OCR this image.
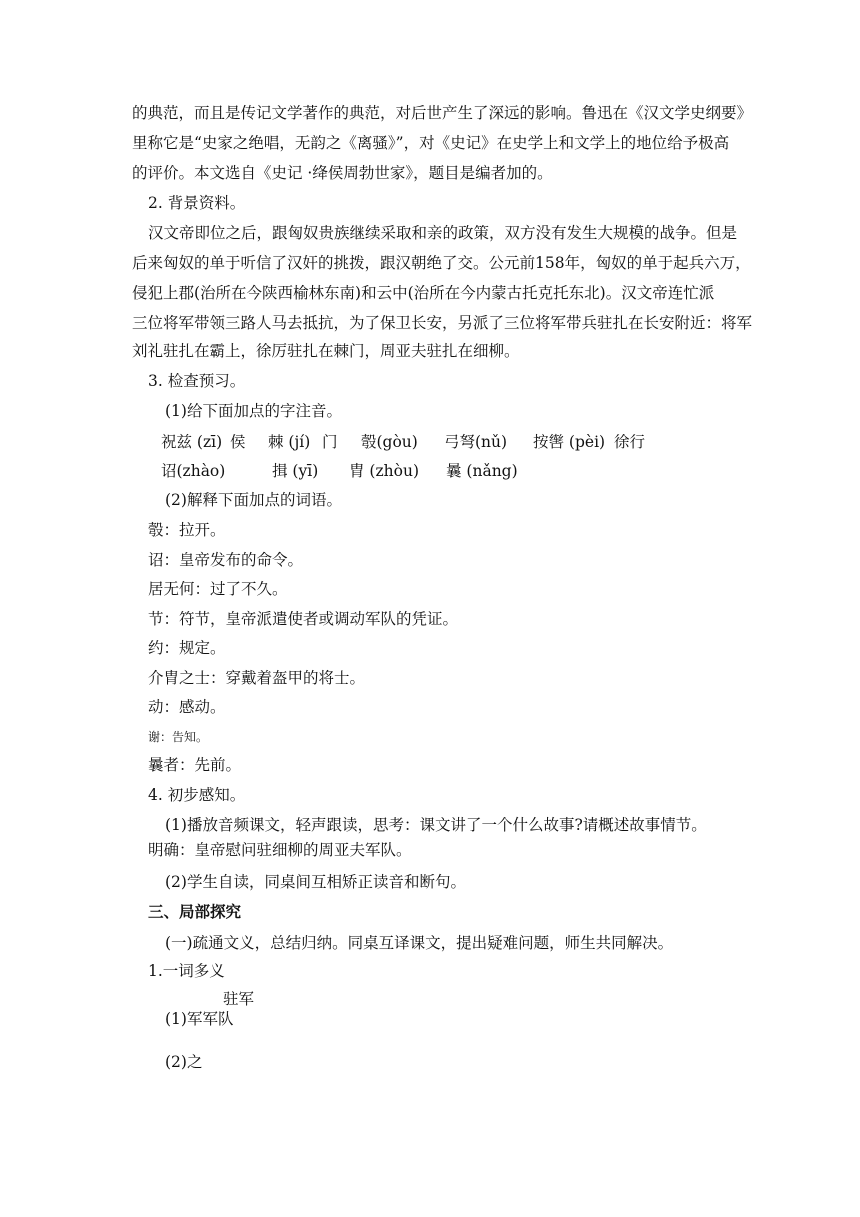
的典范，而且是传记文学著作的典范，对后世产生了深远的影响。鲁迅在《汉文学史纲要》
里称它是“史家之绝唱，无韵之《离骚》”，对《史记》在史学上和文学上的地位给予极高
的评价。本文选自《史记 ·绛侯周勃世家》，题目是编者加的。
2. 背景资料。
汉文帝即位之后，跟匈奴贵族继续采取和亲的政策，双方没有发生大规模的战争。但是
后来匈奴的单于听信了汉奸的挑拨，跟汉朝绝了交。公元前158年，匈奴的单于起兵六万，
侵犯上郡(治所在今陕西榆林东南)和云中(治所在今内蒙古托克托东北)。汉文帝连忙派
三位将军带领三路人马去抵抗，为了保卫长安，另派了三位将军带兵驻扎在长安附近：将军
刘礼驻扎在霸上，徐厉驻扎在棘门，周亚夫驻扎在细柳。
3. 检查预习。
(1)给下面加点的字注音。
祝兹 (zī) 侯 棘 (jí) 门 彀(gòu) 弓弩(nǔ) 按辔 (pèi) 徐行
诏(zhào)	揖 (yī) 胄 (zhòu) 曩 (nǎng)
(2)解释下面加点的词语。
彀：拉开。
诏：皇帝发布的命令。
居无何：过了不久。
节：符节，皇帝派遣使者或调动军队的凭证。
约：规定。
介胄之士：穿戴着盔甲的将士。
动：感动。
谢：告知。
曩者：先前。
4. 初步感知。
(1)播放音频课文，轻声跟读，思考：课文讲了一个什么故事?请概述故事情节。
明确：皇帝慰问驻细柳的周亚夫军队。
(2)学生自读，同桌间互相矫正读音和断句。
三、局部探究
(一)疏通文义，总结归纳。同桌互译课文，提出疑难问题，师生共同解决。
1.一词多义
驻军
(1)军军队
(2)之
